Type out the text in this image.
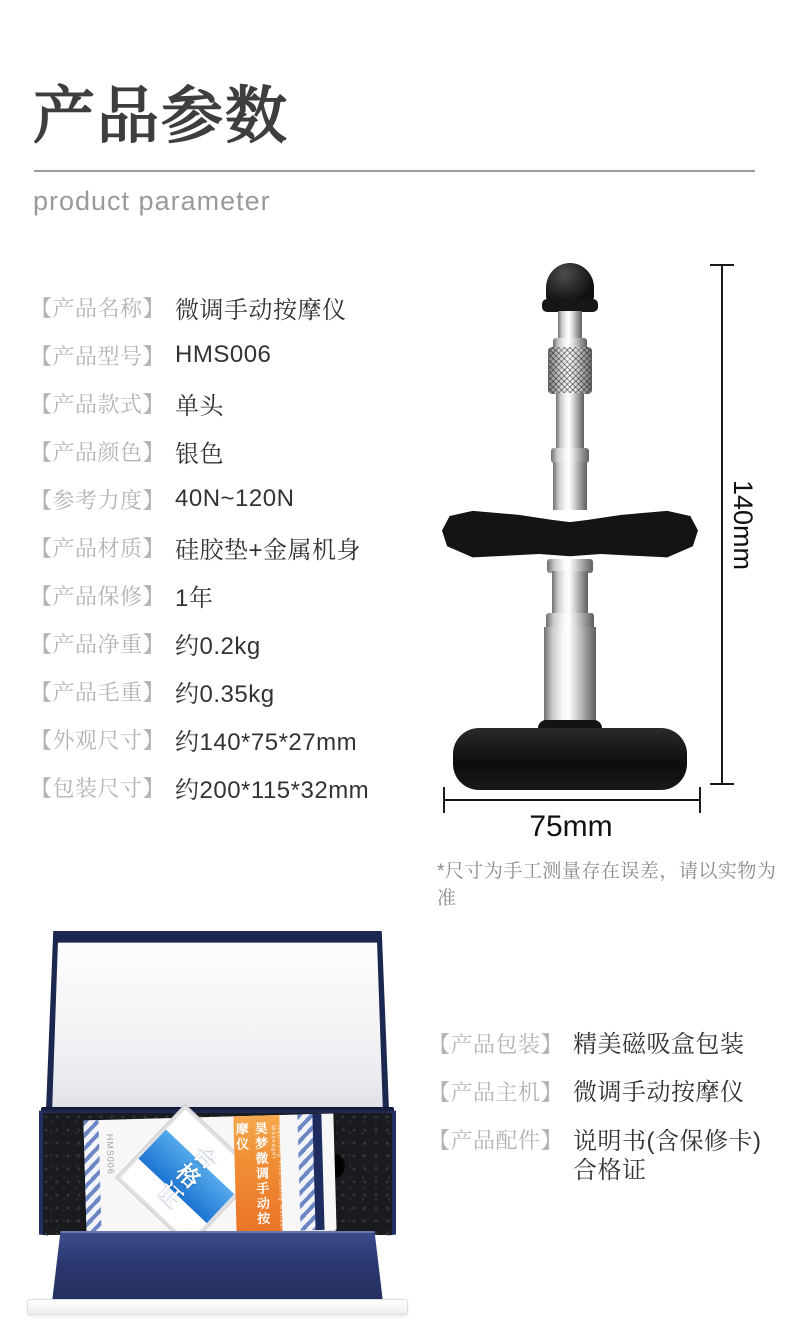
产品参数
product parameter
【产品名称】 微调手动按摩仪
【产品型号】 HMS006
【产品款式】 单头
【产品颜色】 银色
【参考力度】 40N~120N
【产品材质】 硅胶垫+金属机身
【产品保修】 1年
【产品净重】 约0.2kg
【产品毛重】 约0.35kg
【外观尺寸】 约140*75*27mm
【包装尺寸】 约200*115*32mm
140mm
75mm
*尺寸为手工测量存在误差，请以实物为准
HMS006	合格证	昊梦微调手动按摩仪	Haomeng Fine-tuning Manual Massager
【产品包装】 精美磁吸盒包装
【产品主机】 微调手动按摩仪
【产品配件】 说明书(含保修卡)
合格证
